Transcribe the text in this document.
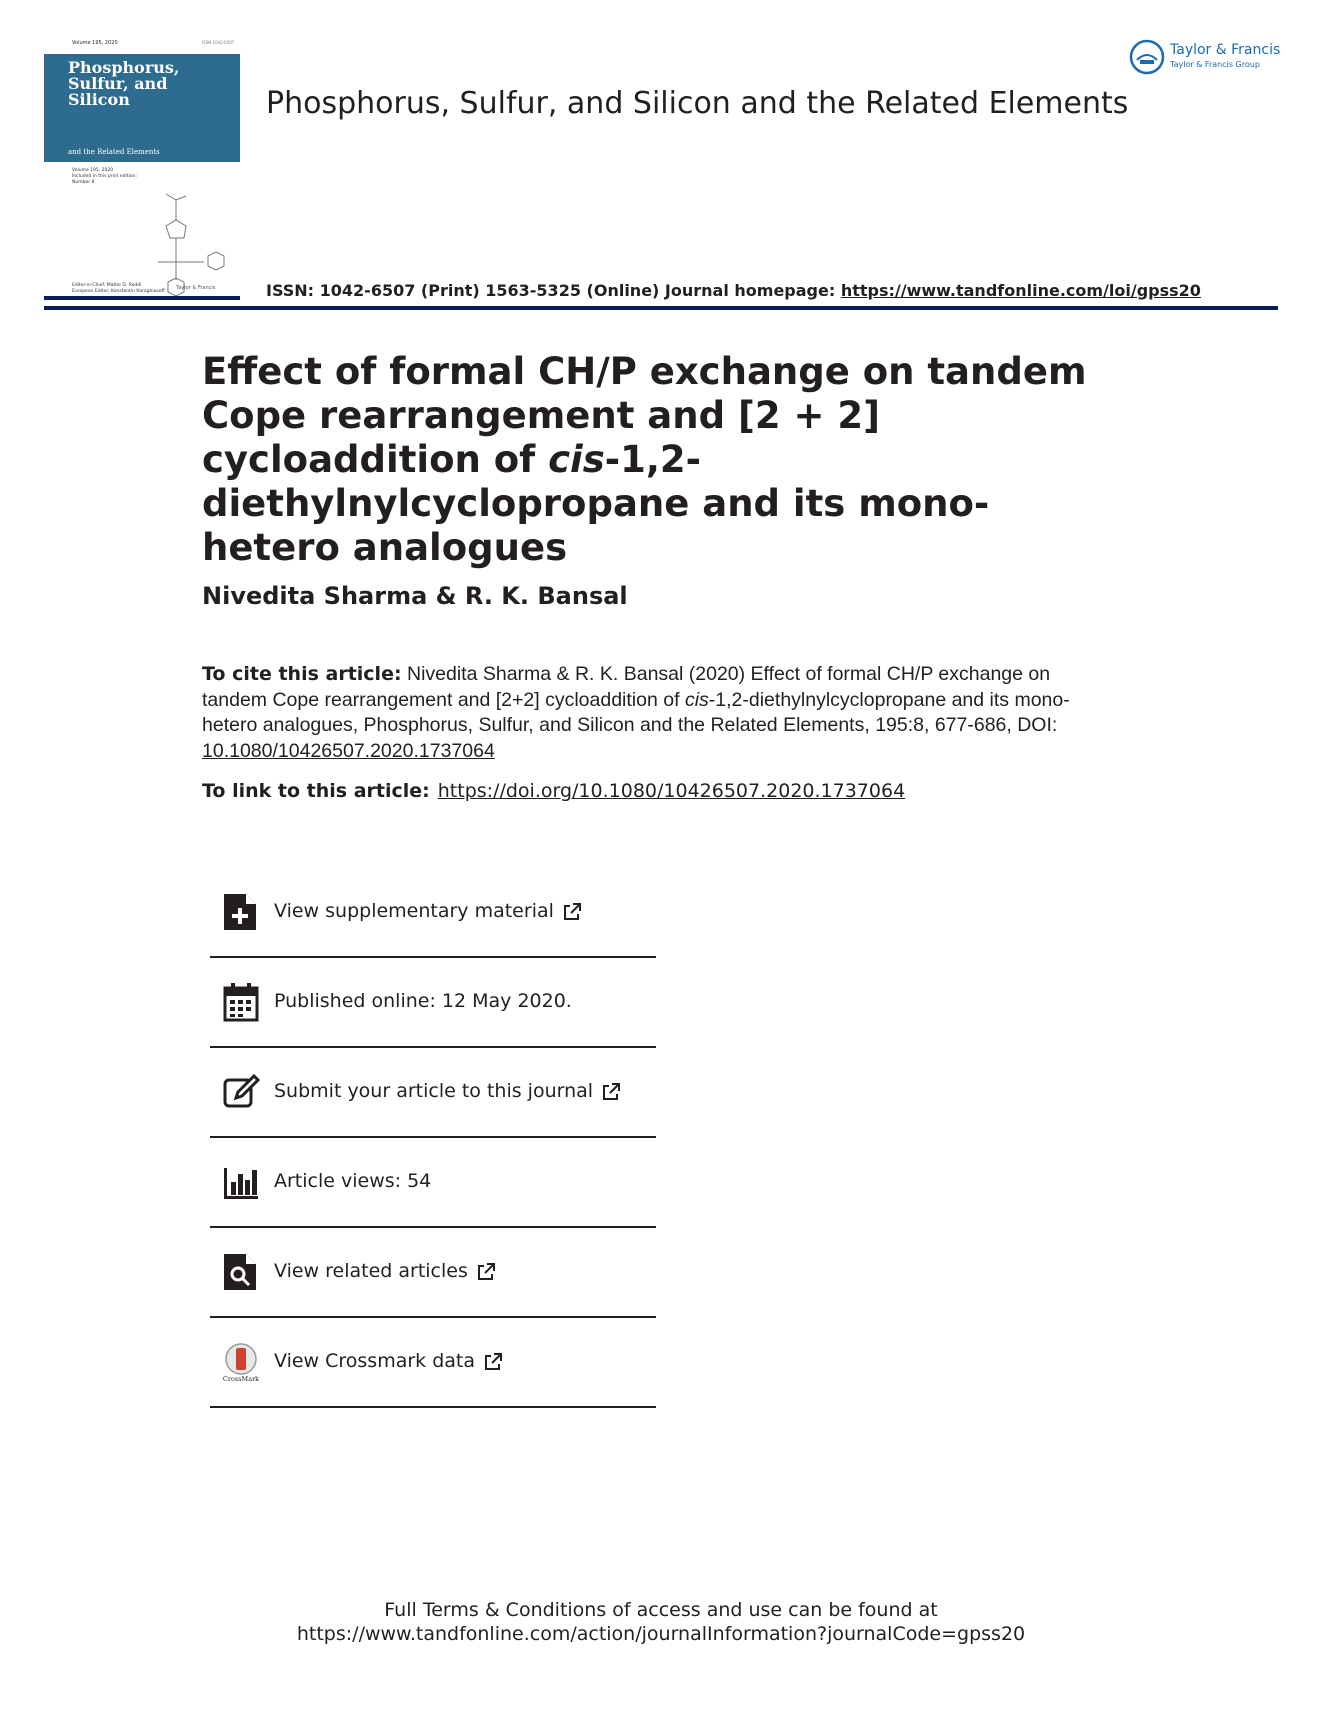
Volume 195, 2020	ISSN 1042-6507
Phosphorus,
Sulfur, and
Silicon
and the Related Elements
Volume 195, 2020
Included in this print edition:
Number 8
Editor-in-Chief: Mattie D. Reddi
European Editor: Konstantin Karaghiosoff
Taylor & Francis
Phosphorus, Sulfur, and Silicon and the Related Elements
Taylor & Francis
Taylor & Francis Group
ISSN: 1042-6507 (Print) 1563-5325 (Online) Journal homepage: https://www.tandfonline.com/loi/gpss20
Effect of formal CH/P exchange on tandem Cope rearrangement and [2 + 2] cycloaddition of cis-1,2-diethylnylcyclopropane and its mono-hetero analogues
Nivedita Sharma & R. K. Bansal
To cite this article: Nivedita Sharma & R. K. Bansal (2020) Effect of formal CH/P exchange on tandem Cope rearrangement and [2+2] cycloaddition of cis-1,2-diethylnylcyclopropane and its mono-hetero analogues, Phosphorus, Sulfur, and Silicon and the Related Elements, 195:8, 677-686, DOI: 10.1080/10426507.2020.1737064
To link to this article: https://doi.org/10.1080/10426507.2020.1737064
View supplementary material
Published online: 12 May 2020.
Submit your article to this journal
Article views: 54
View related articles
CrossMark
View Crossmark data
Full Terms & Conditions of access and use can be found at
https://www.tandfonline.com/action/journalInformation?journalCode=gpss20
